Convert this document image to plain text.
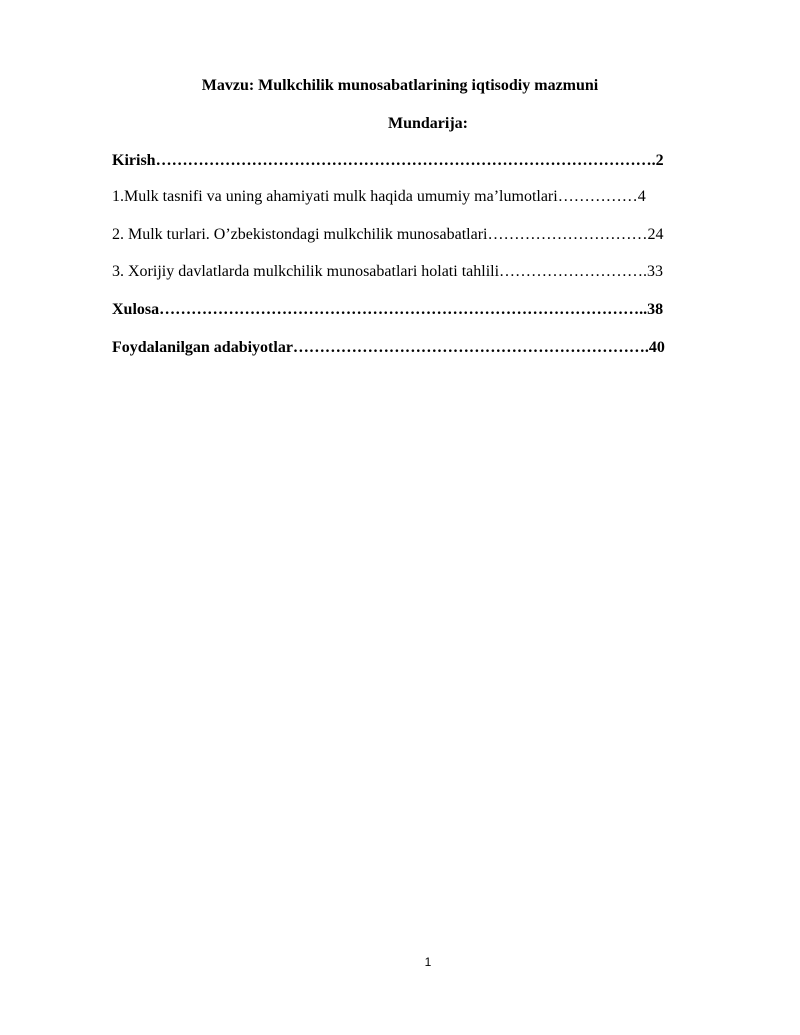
Mavzu: Mulkchilik munosabatlarining iqtisodiy mazmuni
Mundarija:
Kirish………………………………………………………………………………….2
1.Mulk tasnifi va uning ahamiyati mulk haqida umumiy ma’lumotlari……………4
2. Mulk turlari. O’zbekistondagi mulkchilik munosabatlari…………………………24
3. Xorijiy davlatlarda mulkchilik munosabatlari holati tahlili……………………….33
Xulosa………………………………………………………………………………..38
Foydalanilgan adabiyotlar………………………………………………………….40
1
